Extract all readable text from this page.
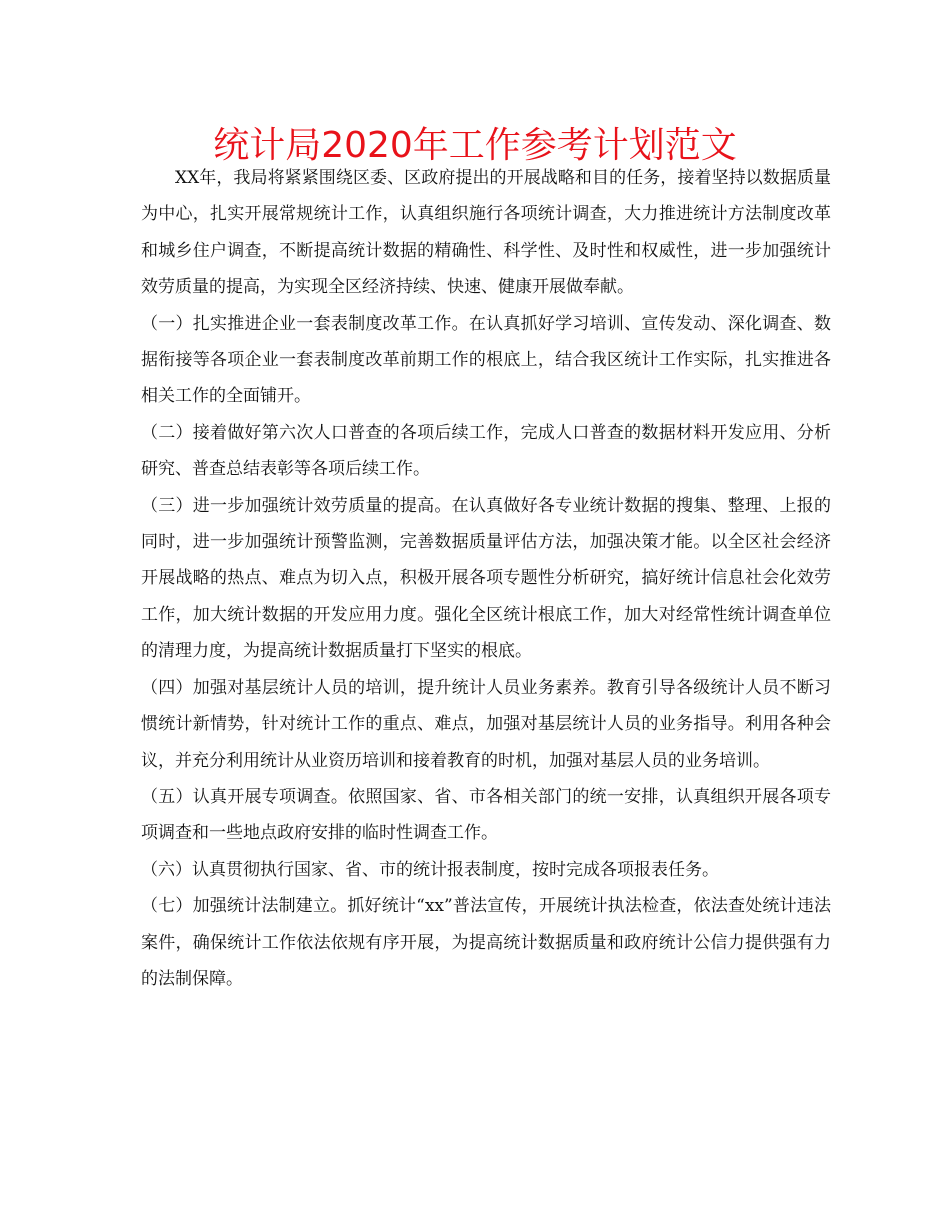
统计局2020年工作参考计划范文

XX年，我局将紧紧围绕区委、区政府提出的开展战略和目的任务，接着坚持以数据质量为中心，扎实开展常规统计工作，认真组织施行各项统计调查，大力推进统计方法制度改革和城乡住户调查，不断提高统计数据的精确性、科学性、及时性和权威性，进一步加强统计效劳质量的提高，为实现全区经济持续、快速、健康开展做奉献。

（一）扎实推进企业一套表制度改革工作。在认真抓好学习培训、宣传发动、深化调查、数据衔接等各项企业一套表制度改革前期工作的根底上，结合我区统计工作实际，扎实推进各相关工作的全面铺开。

（二）接着做好第六次人口普查的各项后续工作，完成人口普查的数据材料开发应用、分析研究、普查总结表彰等各项后续工作。

（三）进一步加强统计效劳质量的提高。在认真做好各专业统计数据的搜集、整理、上报的同时，进一步加强统计预警监测，完善数据质量评估方法，加强决策才能。以全区社会经济开展战略的热点、难点为切入点，积极开展各项专题性分析研究，搞好统计信息社会化效劳工作，加大统计数据的开发应用力度。强化全区统计根底工作，加大对经常性统计调查单位的清理力度，为提高统计数据质量打下坚实的根底。

（四）加强对基层统计人员的培训，提升统计人员业务素养。教育引导各级统计人员不断习惯统计新情势，针对统计工作的重点、难点，加强对基层统计人员的业务指导。利用各种会议，并充分利用统计从业资历培训和接着教育的时机，加强对基层人员的业务培训。

（五）认真开展专项调查。依照国家、省、市各相关部门的统一安排，认真组织开展各项专项调查和一些地点政府安排的临时性调查工作。

（六）认真贯彻执行国家、省、市的统计报表制度，按时完成各项报表任务。

（七）加强统计法制建立。抓好统计“xx”普法宣传，开展统计执法检查，依法查处统计违法案件，确保统计工作依法依规有序开展，为提高统计数据质量和政府统计公信力提供强有力的法制保障。
